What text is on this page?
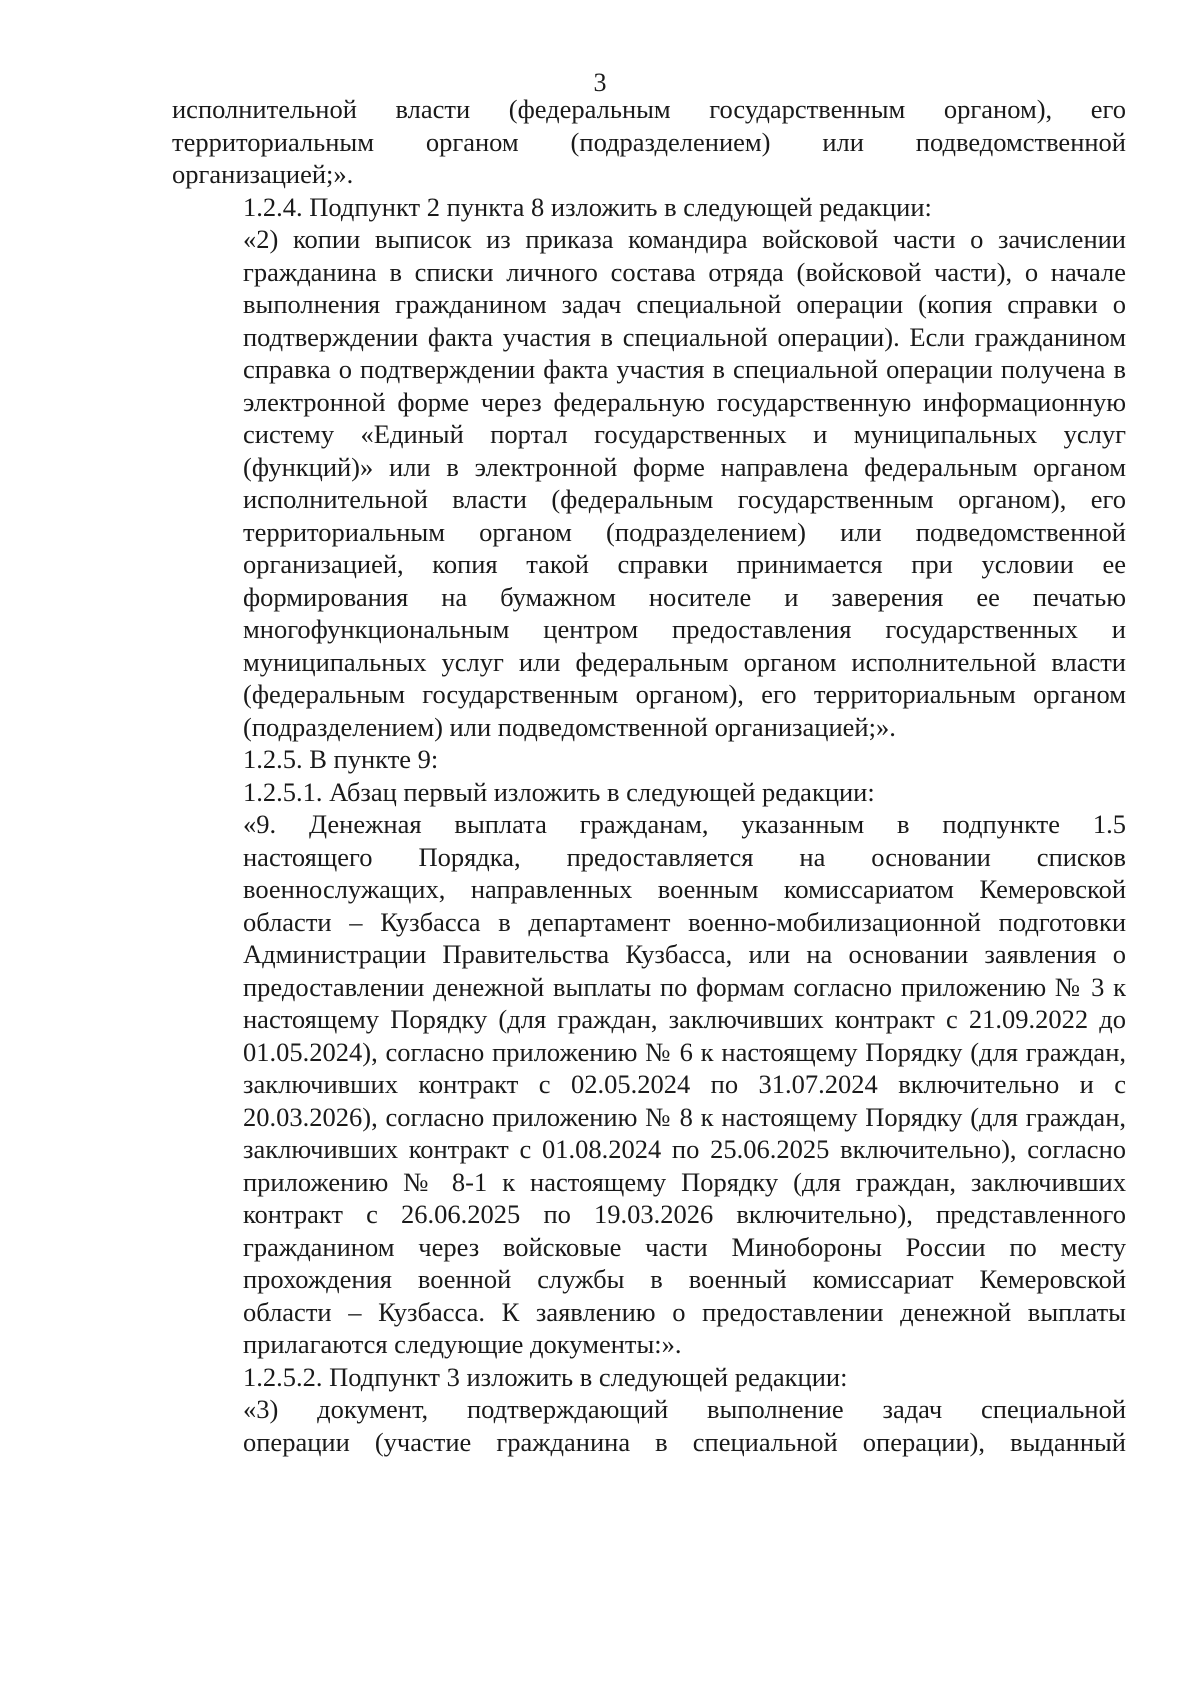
3

исполнительной власти (федеральным государственным органом), его
территориальным органом (подразделением) или подведомственной
организацией;».

1.2.4. Подпункт 2 пункта 8 изложить в следующей редакции:

«2) копии выписок из приказа командира войсковой части о зачислении
гражданина в списки личного состава отряда (войсковой части), о начале
выполнения гражданином задач специальной операции (копия справки о
подтверждении факта участия в специальной операции). Если гражданином
справка о подтверждении факта участия в специальной операции получена в
электронной форме через федеральную государственную информационную
систему «Единый портал государственных и муниципальных услуг
(функций)» или в электронной форме направлена федеральным органом
исполнительной власти (федеральным государственным органом), его
территориальным органом (подразделением) или подведомственной
организацией, копия такой справки принимается при условии ее
формирования на бумажном носителе и заверения ее печатью
многофункциональным центром предоставления государственных и
муниципальных услуг или федеральным органом исполнительной власти
(федеральным государственным органом), его территориальным органом
(подразделением) или подведомственной организацией;».

1.2.5. В пункте 9:

1.2.5.1. Абзац первый изложить в следующей редакции:

«9. Денежная выплата гражданам, указанным в подпункте 1.5
настоящего Порядка, предоставляется на основании списков
военнослужащих, направленных военным комиссариатом Кемеровской
области – Кузбасса в департамент военно-мобилизационной подготовки
Администрации Правительства Кузбасса, или на основании заявления о
предоставлении денежной выплаты по формам согласно приложению № 3 к
настоящему Порядку (для граждан, заключивших контракт с 21.09.2022 до
01.05.2024), согласно приложению № 6 к настоящему Порядку (для граждан,
заключивших контракт с 02.05.2024 по 31.07.2024 включительно и с
20.03.2026), согласно приложению № 8 к настоящему Порядку (для граждан,
заключивших контракт с 01.08.2024 по 25.06.2025 включительно), согласно
приложению № 8-1 к настоящему Порядку (для граждан, заключивших
контракт с 26.06.2025 по 19.03.2026 включительно), представленного
гражданином через войсковые части Минобороны России по месту
прохождения военной службы в военный комиссариат Кемеровской
области – Кузбасса. К заявлению о предоставлении денежной выплаты
прилагаются следующие документы:».

1.2.5.2. Подпункт 3 изложить в следующей редакции:

«3) документ, подтверждающий выполнение задач специальной
операции (участие гражданина в специальной операции), выданный
